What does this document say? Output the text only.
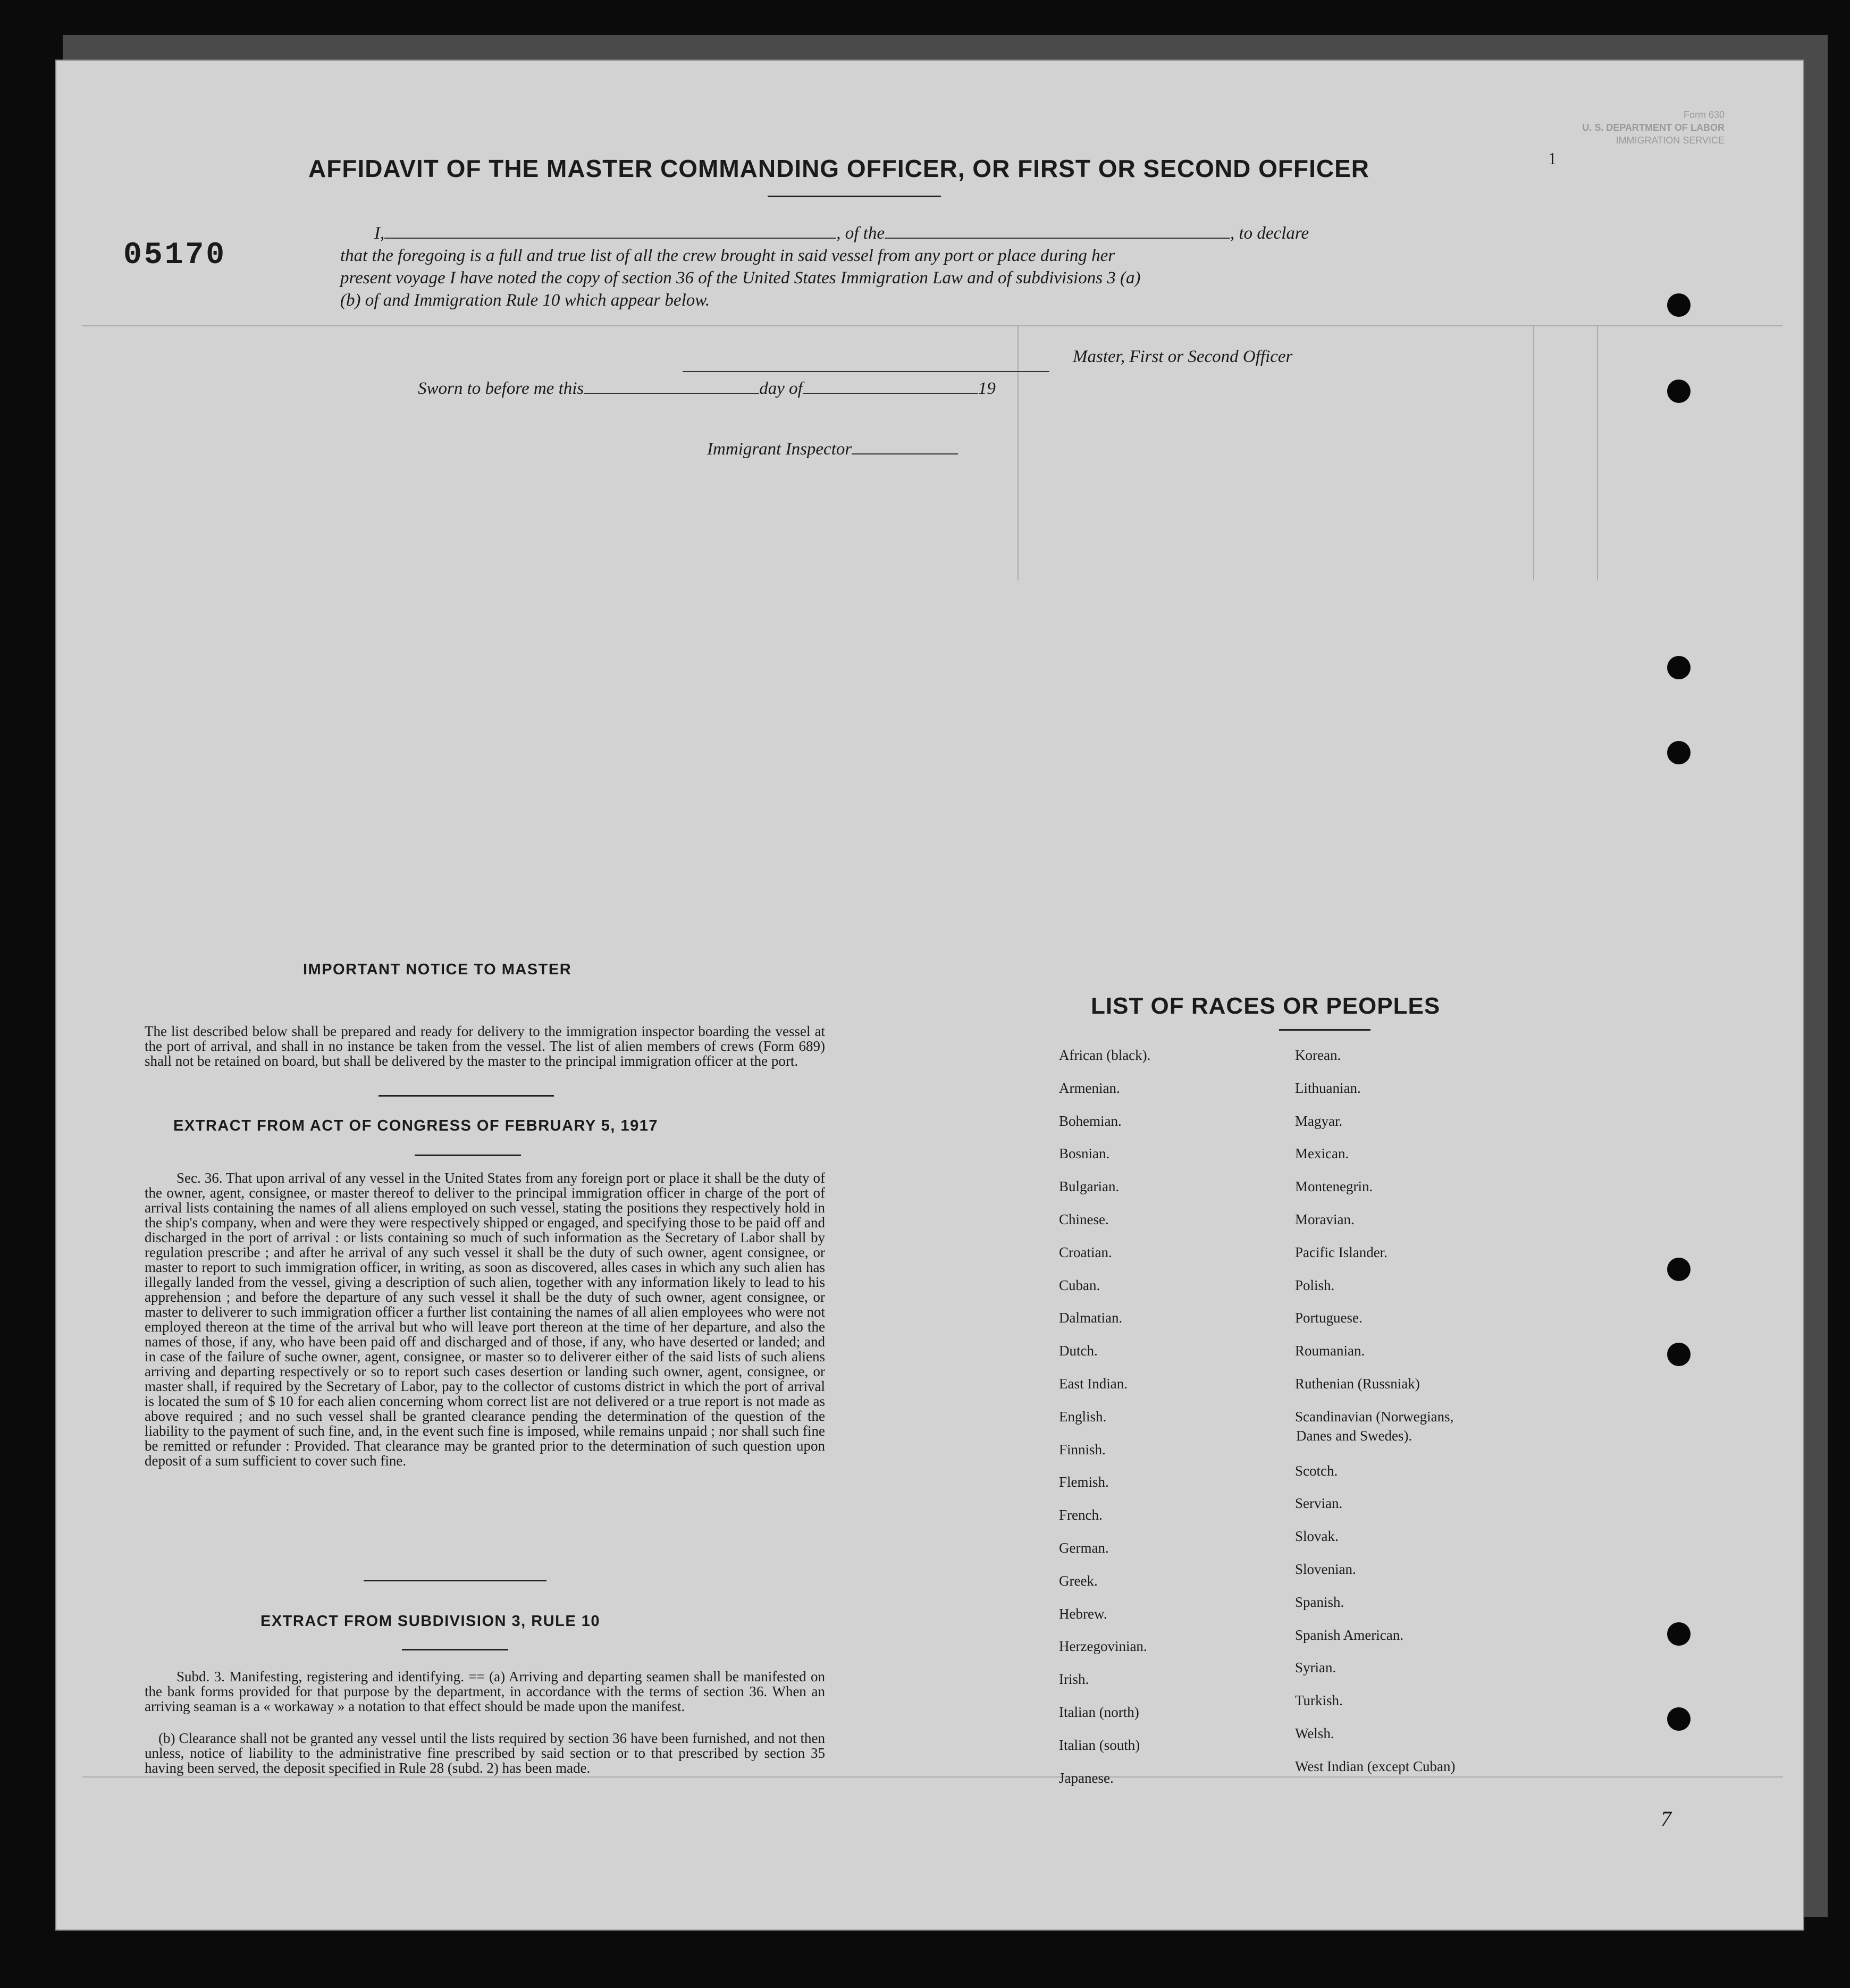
Form 630
U. S. DEPARTMENT OF LABOR
IMMIGRATION SERVICE
1
AFFIDAVIT OF THE MASTER COMMANDING OFFICER, OR FIRST OR SECOND OFFICER
05170
I,	, of the	, to declare
that the foregoing is a full and true list of all the crew brought in said vessel from any port or place during her
present voyage I have noted the copy of section 36 of the United States Immigration Law and of subdivisions 3 (a)
(b) of and Immigration Rule 10 which appear below.
Master, First or Second Officer
Sworn to before me this	day of	19
Immigrant Inspector
IMPORTANT NOTICE TO MASTER
The list described below shall be prepared and ready for delivery to the immigration inspector boarding the vessel at the port of arrival, and shall in no instance be taken from the vessel. The list of alien members of crews (Form 689) shall not be retained on board, but shall be delivered by the master to the principal immigration officer at the port.
EXTRACT FROM ACT OF CONGRESS OF FEBRUARY 5, 1917
Sec. 36. That upon arrival of any vessel in the United States from any foreign port or place it shall be the duty of the owner, agent, consignee, or master thereof to deliver to the principal immigration officer in charge of the port of arrival lists containing the names of all aliens employed on such vessel, stating the positions they respectively hold in the ship's company, when and were they were respectively shipped or engaged, and specifying those to be paid off and discharged in the port of arrival : or lists containing so much of such information as the Secretary of Labor shall by regulation prescribe ; and after he arrival of any such vessel it shall be the duty of such owner, agent consignee, or master to report to such immigration officer, in writing, as soon as discovered, alles cases in which any such alien has illegally landed from the vessel, giving a description of such alien, together with any information likely to lead to his apprehension ; and before the departure of any such vessel it shall be the duty of such owner, agent consignee, or master to deliverer to such immigration officer a further list containing the names of all alien employees who were not employed thereon at the time of the arrival but who will leave port thereon at the time of her departure, and also the names of those, if any, who have been paid off and discharged and of those, if any, who have deserted or landed; and in case of the failure of suche owner, agent, consignee, or master so to deliverer either of the said lists of such aliens arriving and departing respectively or so to report such cases desertion or landing such owner, agent, consignee, or master shall, if required by the Secretary of Labor, pay to the collector of customs district in which the port of arrival is located the sum of $ 10 for each alien concerning whom correct list are not delivered or a true report is not made as above required ; and no such vessel shall be granted clearance pending the determination of the question of the liability to the payment of such fine, and, in the event such fine is imposed, while remains unpaid ; nor shall such fine be remitted or refunder : Provided. That clearance may be granted prior to the determination of such question upon deposit of a sum sufficient to cover such fine.
EXTRACT FROM SUBDIVISION 3, RULE 10
Subd. 3. Manifesting, registering and identifying. == (a) Arriving and departing seamen shall be manifested on the bank forms provided for that purpose by the department, in accordance with the terms of section 36. When an arriving seaman is a « workaway » a notation to that effect should be made upon the manifest.
(b) Clearance shall not be granted any vessel until the lists required by section 36 have been furnished, and not then unless, notice of liability to the administrative fine prescribed by said section or to that prescribed by section 35 having been served, the deposit specified in Rule 28 (subd. 2) has been made.
LIST OF RACES OR PEOPLES
African (black).
Armenian.
Bohemian.
Bosnian.
Bulgarian.
Chinese.
Croatian.
Cuban.
Dalmatian.
Dutch.
East Indian.
English.
Finnish.
Flemish.
French.
German.
Greek.
Hebrew.
Herzegovinian.
Irish.
Italian (north)
Italian (south)
Japanese.
Korean.
Lithuanian.
Magyar.
Mexican.
Montenegrin.
Moravian.
Pacific Islander.
Polish.
Portuguese.
Roumanian.
Ruthenian (Russniak)
Scandinavian (Norwegians,
Scotch.
Servian.
Slovak.
Slovenian.
Spanish.
Spanish American.
Syrian.
Turkish.
Welsh.
West Indian (except Cuban)
Danes and Swedes).
7
